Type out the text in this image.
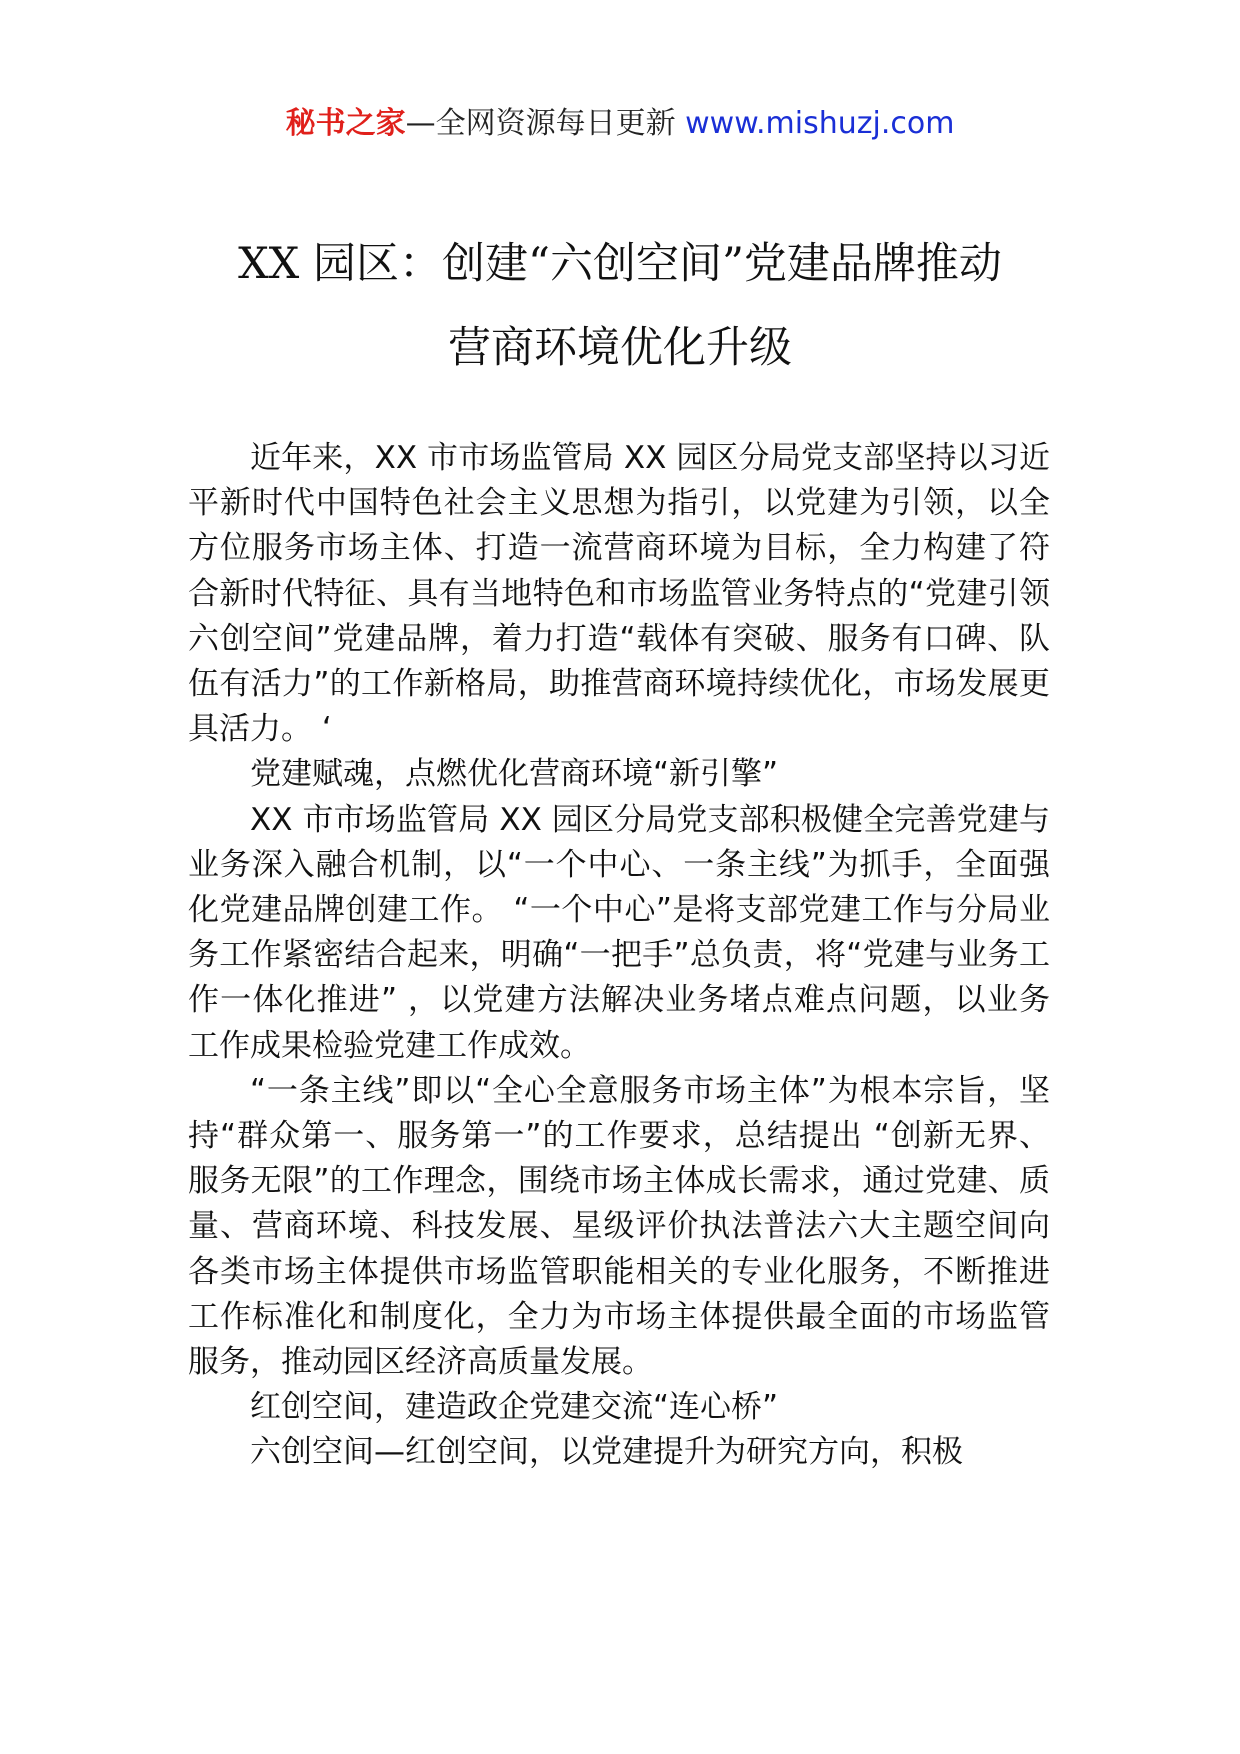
秘书之家—全网资源每日更新 www.mishuzj.com
XX 园区：创建“六创空间”党建品牌推动
营商环境优化升级

近年来，XX 市市场监管局 XX 园区分局党支部坚持以习近平新时代中国特色社会主义思想为指引，以党建为引领，以全方位服务市场主体、打造一流营商环境为目标，全力构建了符合新时代特征、具有当地特色和市场监管业务特点的“党建引领 六创空间”党建品牌，着力打造“载体有突破、服务有口碑、队伍有活力”的工作新格局，助推营商环境持续优化，市场发展更具活力。 ‘

党建赋魂，点燃优化营商环境“新引擎”

XX 市市场监管局 XX 园区分局党支部积极健全完善党建与业务深入融合机制，以“一个中心、一条主线”为抓手，全面强化党建品牌创建工作。 “一个中心”是将支部党建工作与分局业务工作紧密结合起来，明确“一把手”总负责，将“党建与业务工作一体化推进” ，以党建方法解决业务堵点难点问题，以业务工作成果检验党建工作成效。

“一条主线”即以“全心全意服务市场主体”为根本宗旨，坚持“群众第一、服务第一”的工作要求，总结提出 “创新无界、服务无限”的工作理念，围绕市场主体成长需求，通过党建、质量、营商环境、科技发展、星级评价执法普法六大主题空间向各类市场主体提供市场监管职能相关的专业化服务，不断推进工作标准化和制度化，全力为市场主体提供最全面的市场监管服务，推动园区经济高质量发展。

红创空间，建造政企党建交流“连心桥”

六创空间—红创空间，以党建提升为研究方向，积极
